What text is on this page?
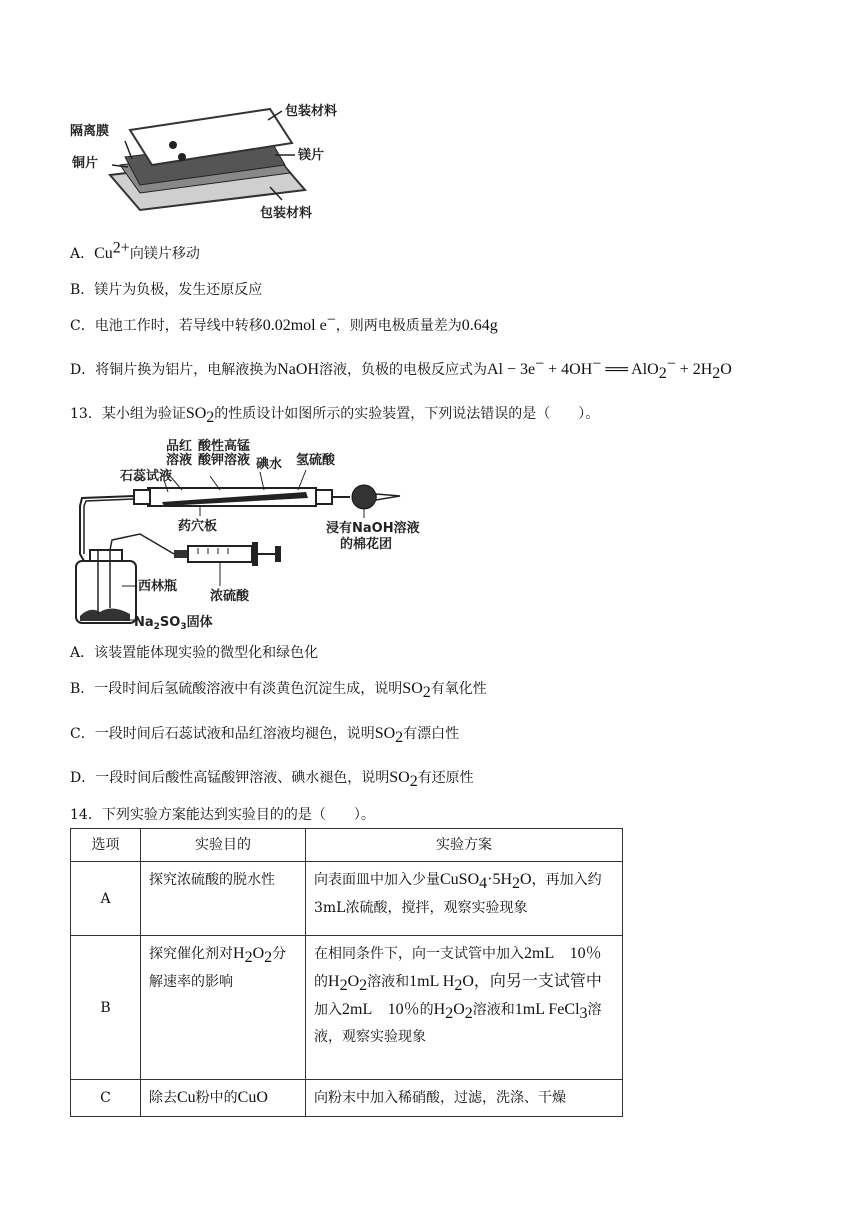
包装材料
隔离膜
铜片
镁片
包装材料
A．$Cu^{2+}$向镁片移动
B．镁片为负极，发生还原反应
C．电池工作时，若导线中转移0.02mol e−，则两电极质量差为0.64g
D．将铜片换为铝片，电解液换为NaOH溶液，负极的电极反应式为Al − 3e− + 4OH− ══ $AlO_2^- + 2H_2O$
13．某小组为验证$SO_2$的性质设计如图所示的实验装置，下列说法错误的是（　　）。
品红
溶液
酸性高锰
酸钾溶液 碘水 氢硫酸
石蕊试液
药穴板	浸有NaOH溶液
的棉花团
浓硫酸
西林瓶
$Na_2SO_3$固体
A．该装置能体现实验的微型化和绿色化
B．一段时间后氢硫酸溶液中有淡黄色沉淀生成，说明$SO_2$有氧化性
C．一段时间后石蕊试液和品红溶液均褪色，说明$SO_2$有漂白性
D．一段时间后酸性高锰酸钾溶液、碘水褪色，说明$SO_2$有还原性
14．下列实验方案能达到实验目的的是（　　）。
选项	实验目的	实验方案
A	探究浓硫酸的脱水性	向表面皿中加入少量$CuSO_4\cdot 5H_2O$，再加入约3mL浓硫酸，搅拌，观察实验现象
B	探究催化剂对$H_2O_2$分解速率的影响	在相同条件下，向一支试管中加入2mL　10％的$H_2O_2$溶液和1mL $H_2O$，向另一支试管中加入2mL　10％的$H_2O_2$溶液和1mL FeCl$_3$溶液，观察实验现象
C	除去Cu粉中的CuO	向粉末中加入稀硝酸，过滤，洗涤、干燥
